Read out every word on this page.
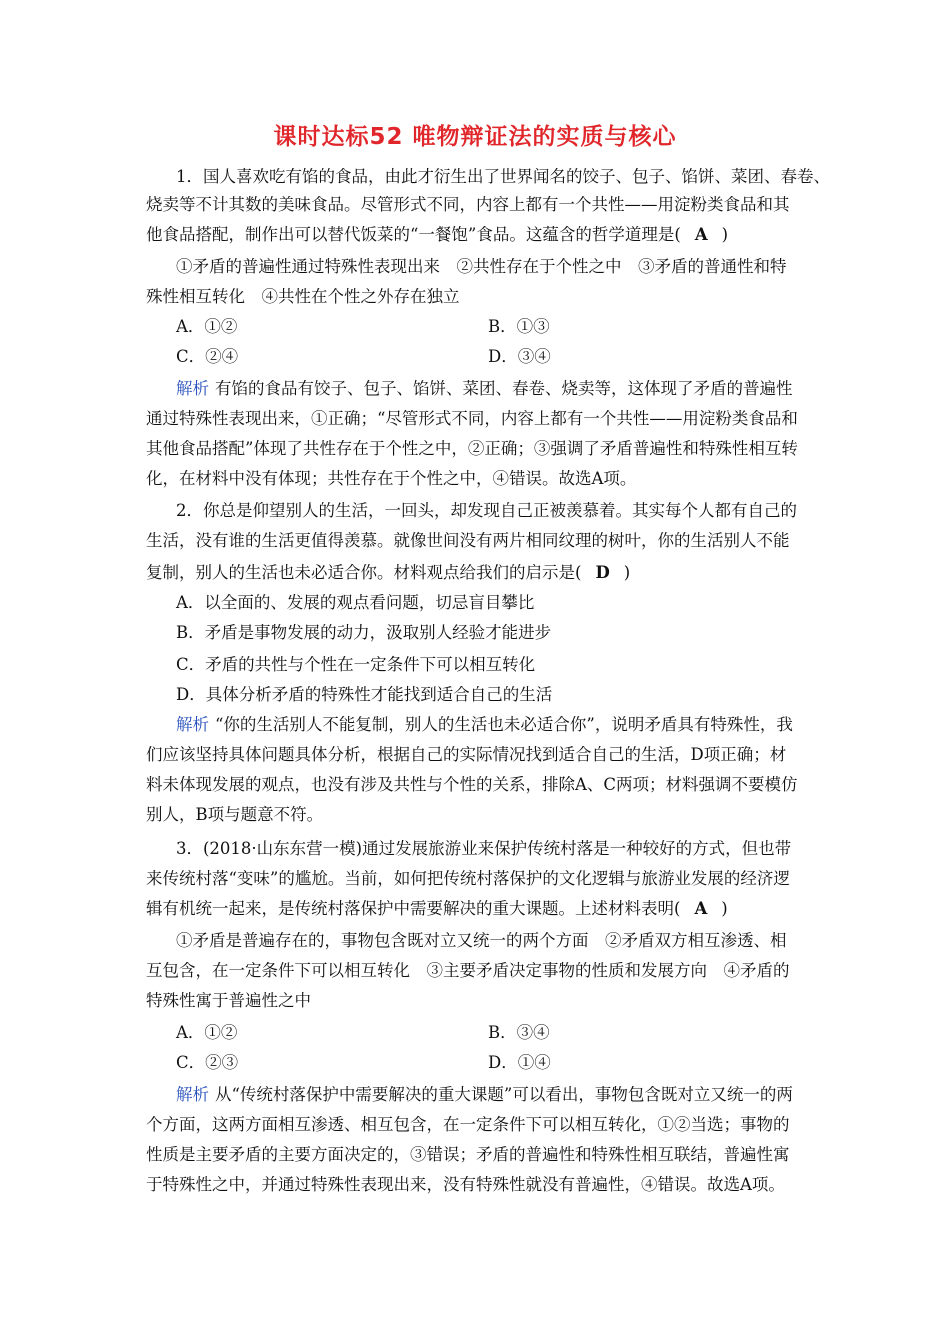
课时达标52 唯物辩证法的实质与核心
1．国人喜欢吃有馅的食品，由此才衍生出了世界闻名的饺子、包子、馅饼、菜团、春卷、
烧卖等不计其数的美味食品。尽管形式不同，内容上都有一个共性——用淀粉类食品和其
他食品搭配，制作出可以替代饭菜的“一餐饱”食品。这蕴含的哲学道理是( A )
①矛盾的普遍性通过特殊性表现出来　②共性存在于个性之中　③矛盾的普通性和特
殊性相互转化　④共性在个性之外存在独立
A．①②	B．①③
C．②④	D．③④
解析 有馅的食品有饺子、包子、馅饼、菜团、春卷、烧卖等，这体现了矛盾的普遍性
通过特殊性表现出来，①正确；“尽管形式不同，内容上都有一个共性——用淀粉类食品和
其他食品搭配”体现了共性存在于个性之中，②正确；③强调了矛盾普遍性和特殊性相互转
化，在材料中没有体现；共性存在于个性之中，④错误。故选A项。
2．你总是仰望别人的生活，一回头，却发现自己正被羡慕着。其实每个人都有自己的
生活，没有谁的生活更值得羡慕。就像世间没有两片相同纹理的树叶，你的生活别人不能
复制，别人的生活也未必适合你。材料观点给我们的启示是( D )
A．以全面的、发展的观点看问题，切忌盲目攀比
B．矛盾是事物发展的动力，汲取别人经验才能进步
C．矛盾的共性与个性在一定条件下可以相互转化
D．具体分析矛盾的特殊性才能找到适合自己的生活
解析 “你的生活别人不能复制，别人的生活也未必适合你”，说明矛盾具有特殊性，我
们应该坚持具体问题具体分析，根据自己的实际情况找到适合自己的生活，D项正确；材
料未体现发展的观点，也没有涉及共性与个性的关系，排除A、C两项；材料强调不要模仿
别人，B项与题意不符。
3．(2018·山东东营一模)通过发展旅游业来保护传统村落是一种较好的方式，但也带
来传统村落“变味”的尴尬。当前，如何把传统村落保护的文化逻辑与旅游业发展的经济逻
辑有机统一起来，是传统村落保护中需要解决的重大课题。上述材料表明( A )
①矛盾是普遍存在的，事物包含既对立又统一的两个方面　②矛盾双方相互渗透、相
互包含，在一定条件下可以相互转化　③主要矛盾决定事物的性质和发展方向　④矛盾的
特殊性寓于普遍性之中
A．①②	B．③④
C．②③	D．①④
解析 从“传统村落保护中需要解决的重大课题”可以看出，事物包含既对立又统一的两
个方面，这两方面相互渗透、相互包含，在一定条件下可以相互转化，①②当选；事物的
性质是主要矛盾的主要方面决定的，③错误；矛盾的普遍性和特殊性相互联结，普遍性寓
于特殊性之中，并通过特殊性表现出来，没有特殊性就没有普遍性，④错误。故选A项。
